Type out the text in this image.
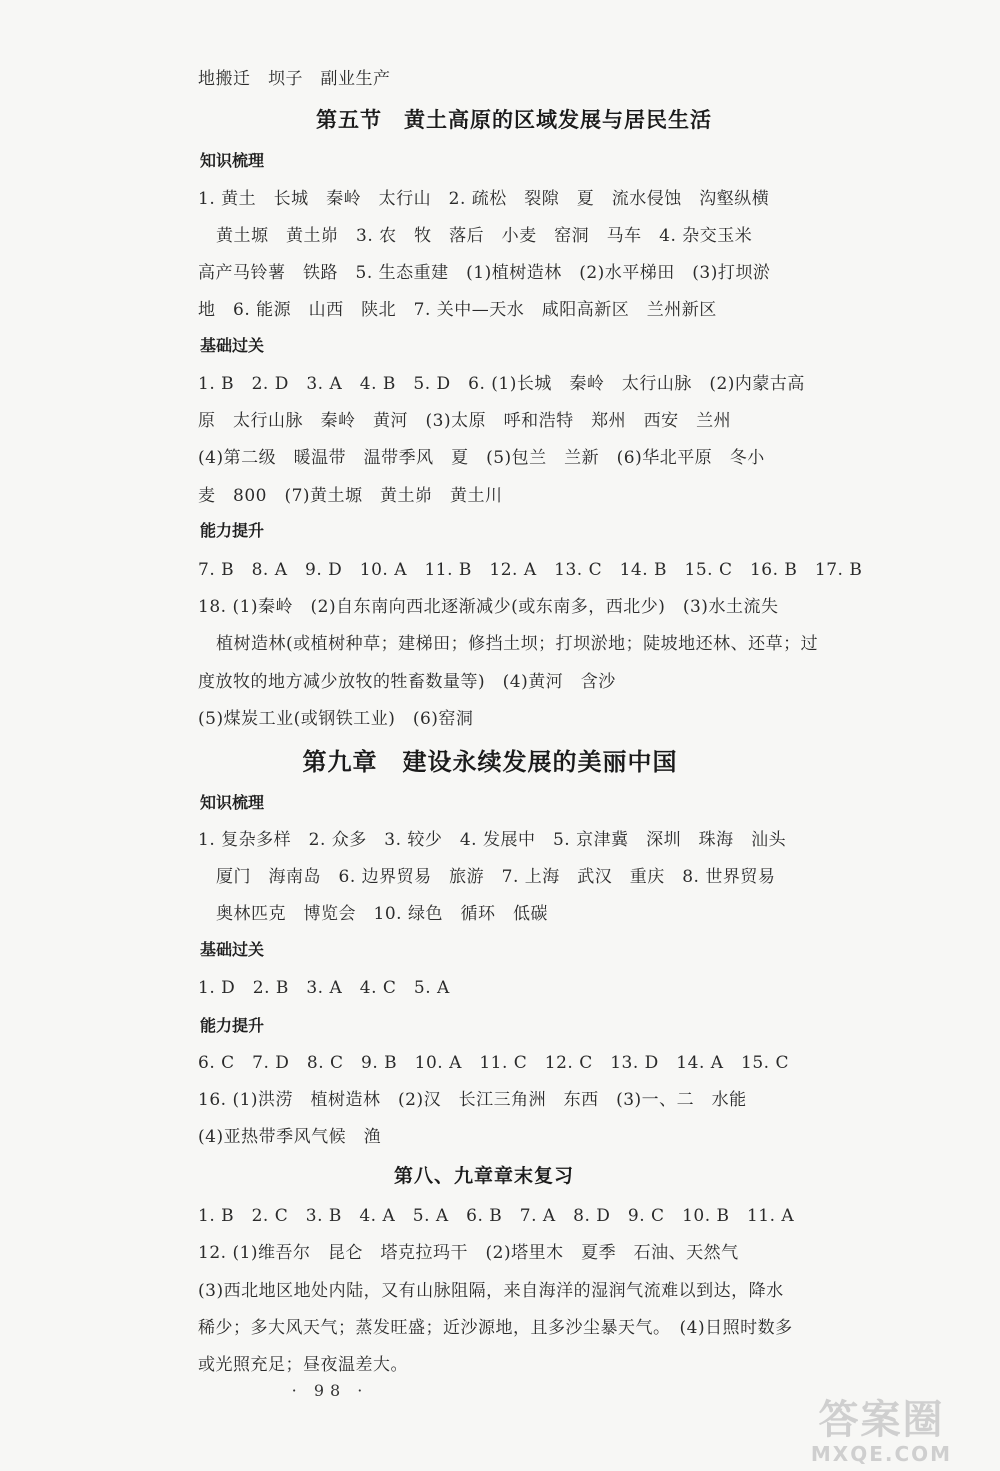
地搬迁　坝子　副业生产
第五节　黄土高原的区域发展与居民生活
知识梳理
1. 黄土　长城　秦岭　太行山　2. 疏松　裂隙　夏　流水侵蚀　沟壑纵横
黄土塬　黄土峁　3. 农　牧　落后　小麦　窑洞　马车　4. 杂交玉米
高产马铃薯　铁路　5. 生态重建　(1)植树造林　(2)水平梯田　(3)打坝淤
地　6. 能源　山西　陕北　7. 关中—天水　咸阳高新区　兰州新区
基础过关
1. B　2. D　3. A　4. B　5. D　6. (1)长城　秦岭　太行山脉　(2)内蒙古高
原　太行山脉　秦岭　黄河　(3)太原　呼和浩特　郑州　西安　兰州
(4)第二级　暖温带　温带季风　夏　(5)包兰　兰新　(6)华北平原　冬小
麦　800　(7)黄土塬　黄土峁　黄土川
能力提升
7. B　8. A　9. D　10. A　11. B　12. A　13. C　14. B　15. C　16. B　17. B
18. (1)秦岭　(2)自东南向西北逐渐减少(或东南多，西北少)　(3)水土流失
植树造林(或植树种草；建梯田；修挡土坝；打坝淤地；陡坡地还林、还草；过
度放牧的地方减少放牧的牲畜数量等)　(4)黄河　含沙
(5)煤炭工业(或钢铁工业)　(6)窑洞
第九章　建设永续发展的美丽中国
知识梳理
1. 复杂多样　2. 众多　3. 较少　4. 发展中　5. 京津冀　深圳　珠海　汕头
厦门　海南岛　6. 边界贸易　旅游　7. 上海　武汉　重庆　8. 世界贸易
奥林匹克　博览会　10. 绿色　循环　低碳
基础过关
1. D　2. B　3. A　4. C　5. A
能力提升
6. C　7. D　8. C　9. B　10. A　11. C　12. C　13. D　14. A　15. C
16. (1)洪涝　植树造林　(2)汉　长江三角洲　东西　(3)一、二　水能
(4)亚热带季风气候　渔
第八、九章章末复习
1. B　2. C　3. B　4. A　5. A　6. B　7. A　8. D　9. C　10. B　11. A
12. (1)维吾尔　昆仑　塔克拉玛干　(2)塔里木　夏季　石油、天然气
(3)西北地区地处内陆，又有山脉阻隔，来自海洋的湿润气流难以到达，降水
稀少；多大风天气；蒸发旺盛；近沙源地，且多沙尘暴天气。　(4)日照时数多
或光照充足；昼夜温差大。
· 98 ·
答案圈
MXQE.COM
